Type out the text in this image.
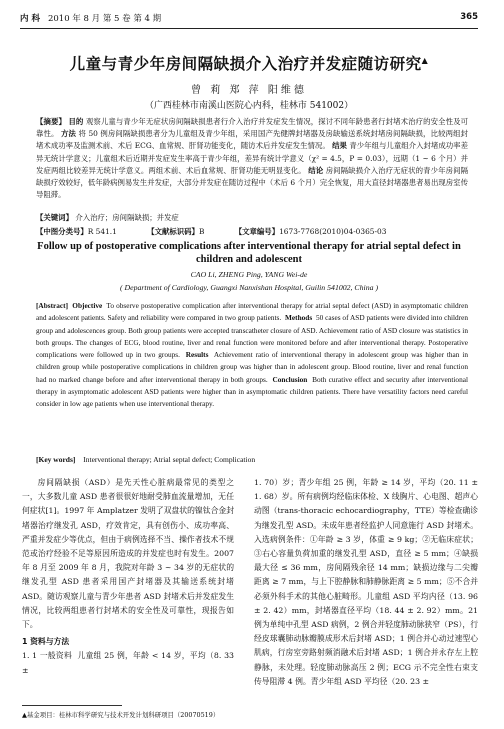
内 科 2010 年 8 月 第 5 卷 第 4 期	365
儿童与青少年房间隔缺损介入治疗并发症随访研究▲
曾 莉 郑 萍 阳维德
（广西桂林市南溪山医院心内科，桂林市 541002）
【摘要】 目的 观察儿童与青少年无症状房间隔缺损患者行介入治疗并发症发生情况，探讨不同年龄患者行封堵术治疗的安全性及可靠性。 方法 将 50 例房间隔缺损患者分为儿童组及青少年组，采用国产先健牌封堵器及房缺输送系统封堵房间隔缺损，比较两组封堵术成功率及监测术前、术后 ECG、血常规、肝肾功能变化，随访术后并发症发生情况。 结果 青少年组与儿童组介入封堵成功率差异无统计学意义；儿童组术后近期并发症发生率高于青少年组，差异有统计学意义（χ² = 4.5，P = 0.03），远期（1 ~ 6 个月）并发症两组比较差异无统计学意义。两组术前、术后血常规、肝肾功能无明显变化。 结论 房间隔缺损介入治疗无症状的青少年房间隔缺损疗效较好，低年龄病例易发生并发症，大部分并发症在随访过程中（术后 6 个月）完全恢复，用大直径封堵器患者易出现房室传导阻滞。
【关键词】 介入治疗；房间隔缺损；并发症
【中图分类号】R 541.1	【文献标识码】B	【文章编号】1673-7768(2010)04-0365-03
Follow up of postoperative complications after interventional therapy for atrial septal defect in children and adolescent
CAO Li, ZHENG Ping, YANG Wei-de
( Department of Cardiology, Guangxi Nanxishan Hospital, Guilin 541002, China )
[Abstract] Objective To observe postoperative complication after interventional therapy for atrial septal defect (ASD) in asymptomatic children and adolescent patients. Safety and reliability were compared in two group patients. Methods 50 cases of ASD patients were divided into children group and adolescences group. Both group patients were accepted transcatheter closure of ASD. Achievement ratio of ASD closure was statistics in both groups. The changes of ECG, blood routine, liver and renal function were monitored before and after interventional therapy. Postoperative complications were followed up in two groups. Results Achievement ratio of interventional therapy in adolescent group was higher than in children group while postoperative complications in children group was higher than in adolescent group. Blood routine, liver and renal function had no marked change before and after interventional therapy in both groups. Conclusion Both curative effect and security after interventional therapy in asymptomatic adolescent ASD patients were higher than in asymptomatic children patients. There have versatility factors need careful consider in low age patients when use interventional therapy.
[Key words] Interventional therapy; Atrial septal defect; Complication

房间隔缺损（ASD）是先天性心脏病最常见的类型之一，大多数儿童 ASD 患者很很好地耐受肺血流量增加，无任何症状[1]。1997 年 Amplatzer 发明了双盘状的镍钛合金封堵器治疗继发孔 ASD，疗效肯定，具有创伤小、成功率高、严重并发症少等优点，但由于病例选择不当、操作者技术不规范或治疗经验不足等原因所造成的并发症也时有发生。2007 年 8 月至 2009 年 8 月，我院对年龄 3 ~ 34 岁的无症状的继发孔型 ASD 患者采用国产封堵器及其输送系统封堵 ASD。随访观察儿童与青少年患者 ASD 封堵术后并发症发生情况，比较两组患者行封堵术的安全性及可靠性，现报告如下。

1 资料与方法

1. 1 一般资料 儿童组 25 例，年龄 < 14 岁，平均（8. 33 ±

1. 70）岁；青少年组 25 例，年龄 ≥ 14 岁，平均（20. 11 ± 1. 68）岁。所有病例均经临床体检、X 线胸片、心电图、超声心动图（trans-thoracic echocardiography，TTE）等检查确诊为继发孔型 ASD。未成年患者经监护人同意施行 ASD 封堵术。入选病例条件：①年龄 ≥ 3 岁，体重 ≥ 9 kg；②无临床症状；③右心容量负荷加重的继发孔型 ASD，直径 ≥ 5 mm；④缺损最大径 ≤ 36 mm，房间隔残余径 14 mm；缺损边缘与二尖瓣距离 ≥ 7 mm，与上下腔静脉和肺静脉距离 ≥ 5 mm；⑤不合并必须外科手术的其他心脏畸形。儿童组 ASD 平均内径（13. 96 ± 2. 42）mm，封堵器直径平均（18. 44 ± 2. 92）mm。21 例为单纯中孔型 ASD 病例，2 例合并轻度肺动脉狭窄（PS），行经皮球囊肺动脉瓣膜成形术后封堵 ASD；1 例合并心动过速型心肌病，行房室旁路射频消融术后封堵 ASD；1 例合并永存左上腔静脉，未处理。轻度肺动脉高压 2 例；ECG 示不完全性右束支传导阻滞 4 例。青少年组 ASD 平均径（20. 23 ±

▲基金项目：桂林市科学研究与技术开发计划科研项目（20070519）
